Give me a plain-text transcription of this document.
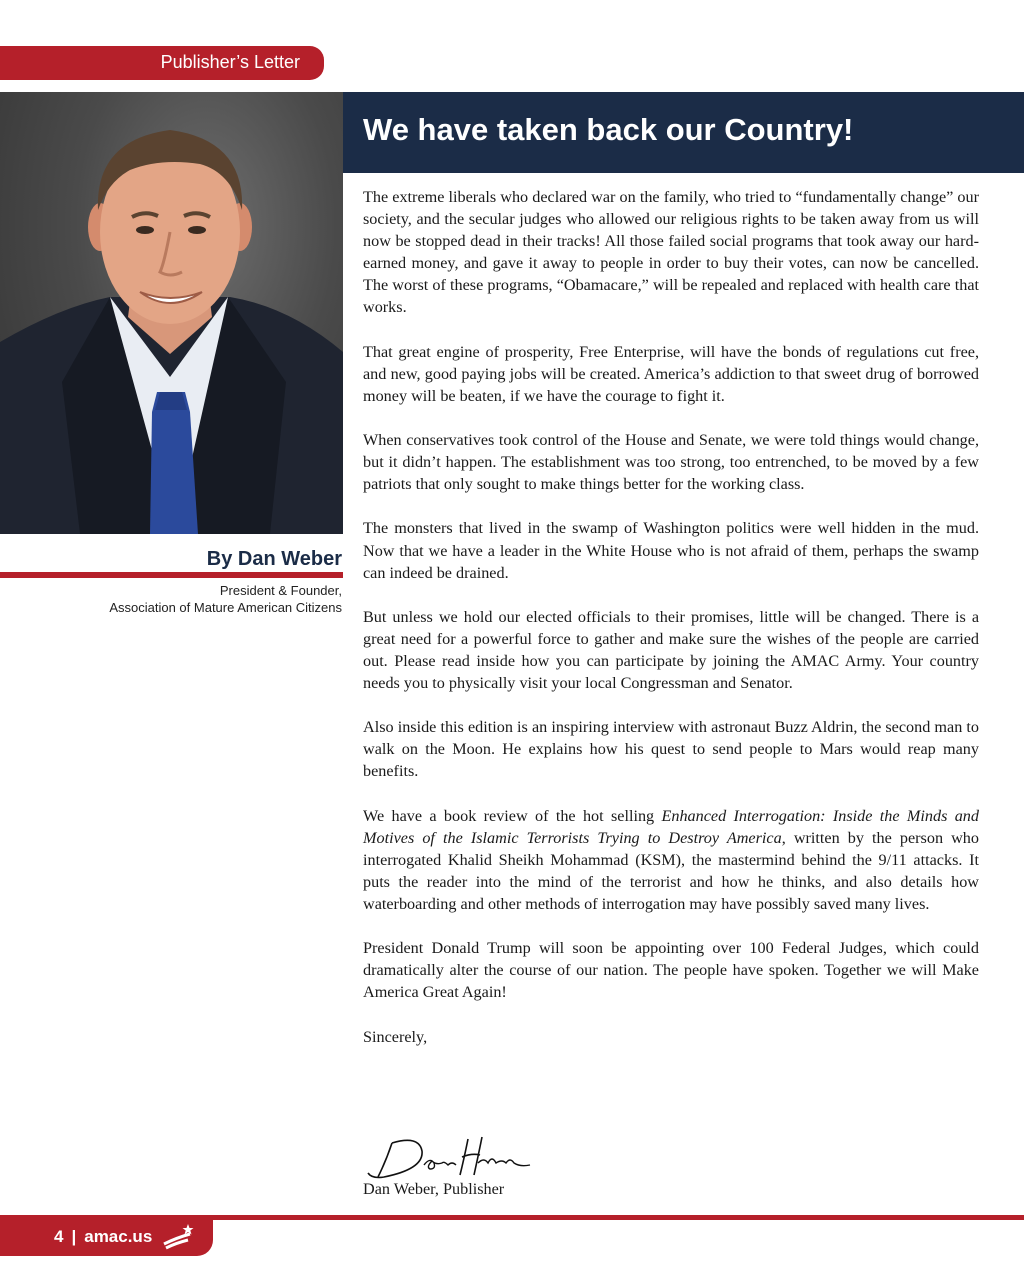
Publisher’s Letter
We have taken back our Country!
By Dan Weber
President & Founder,
Association of Mature American Citizens

The extreme liberals who declared war on the family, who tried to “fundamentally change” our society, and the secular judges who allowed our religious rights to be taken away from us will now be stopped dead in their tracks! All those failed social programs that took away our hard-earned money, and gave it away to people in order to buy their votes, can now be cancelled. The worst of these programs, “Obamacare,” will be repealed and replaced with health care that works.

That great engine of prosperity, Free Enterprise, will have the bonds of regulations cut free, and new, good paying jobs will be created. America’s addiction to that sweet drug of borrowed money will be beaten, if we have the courage to fight it.

When conservatives took control of the House and Senate, we were told things would change, but it didn’t happen. The establishment was too strong, too entrenched, to be moved by a few patriots that only sought to make things better for the working class.

The monsters that lived in the swamp of Washington politics were well hidden in the mud. Now that we have a leader in the White House who is not afraid of them, perhaps the swamp can indeed be drained.

But unless we hold our elected officials to their promises, little will be changed. There is a great need for a powerful force to gather and make sure the wishes of the people are carried out. Please read inside how you can participate by joining the AMAC Army. Your country needs you to physically visit your local Congressman and Senator.

Also inside this edition is an inspiring interview with astronaut Buzz Aldrin, the second man to walk on the Moon. He explains how his quest to send people to Mars would reap many benefits.

We have a book review of the hot selling Enhanced Interrogation: Inside the Minds and Motives of the Islamic Terrorists Trying to Destroy America, written by the person who interrogated Khalid Sheikh Mohammad (KSM), the mastermind behind the 9/11 attacks. It puts the reader into the mind of the terrorist and how he thinks, and also details how waterboarding and other methods of interrogation may have possibly saved many lives.

President Donald Trump will soon be appointing over 100 Federal Judges, which could dramatically alter the course of our nation. The people have spoken. Together we will Make America Great Again!

Sincerely,

Dan Weber, Publisher
4 | amac.us
